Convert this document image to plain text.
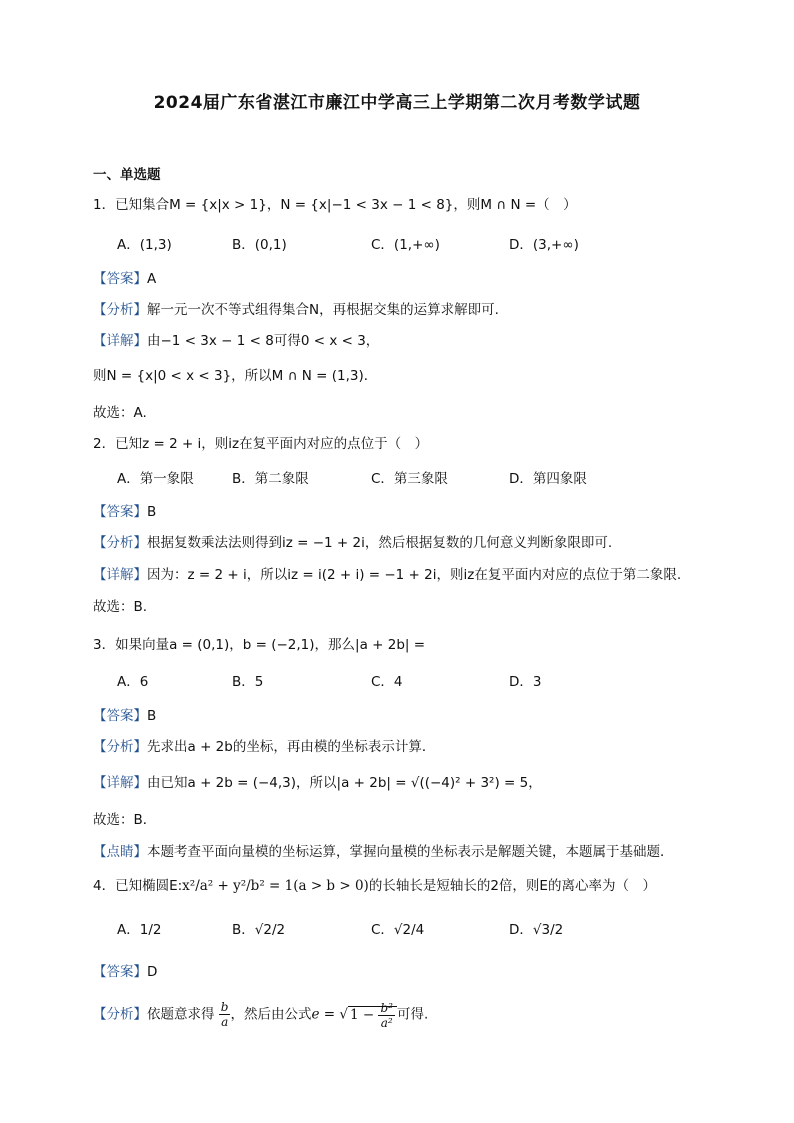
2024届广东省湛江市廉江中学高三上学期第二次月考数学试题
一、单选题
1．已知集合M = {x|x > 1}，N = {x|−1 < 3x − 1 < 8}，则M ∩ N =（　）
A．(1,3)	B．(0,1)	C．(1,+∞)	D．(3,+∞)
【答案】A
【分析】解一元一次不等式组得集合N，再根据交集的运算求解即可.
【详解】由−1 < 3x − 1 < 8可得0 < x < 3，
则N = {x|0 < x < 3}，所以M ∩ N = (1,3)．
故选：A.
2．已知z = 2 + i，则iz在复平面内对应的点位于（　）
A．第一象限	B．第二象限	C．第三象限	D．第四象限
【答案】B
【分析】根据复数乘法法则得到iz = −1 + 2i，然后根据复数的几何意义判断象限即可.
【详解】因为：z = 2 + i，所以iz = i(2 + i) = −1 + 2i，则iz在复平面内对应的点位于第二象限.
故选：B.
3．如果向量a = (0,1)，b = (−2,1)，那么|a + 2b| =
A．6	B．5	C．4	D．3
【答案】B
【分析】先求出a + 2b的坐标，再由模的坐标表示计算．
【详解】由已知a + 2b = (−4,3)，所以|a + 2b| = √((−4)² + 3²) = 5，
故选：B．
【点睛】本题考查平面向量模的坐标运算，掌握向量模的坐标表示是解题关键，本题属于基础题．
4．已知椭圆E:x²/a² + y²/b² = 1(a > b > 0)的长轴长是短轴长的2倍，则E的离心率为（　）
A．1/2	B．√2/2	C．√2/4	D．√3/2
【答案】D
【分析】依题意求得 $\frac{b}{a}$ ，然后由公式e = √ $1 - \frac{\text{b²}}{\text{a²}}$ 可得.
